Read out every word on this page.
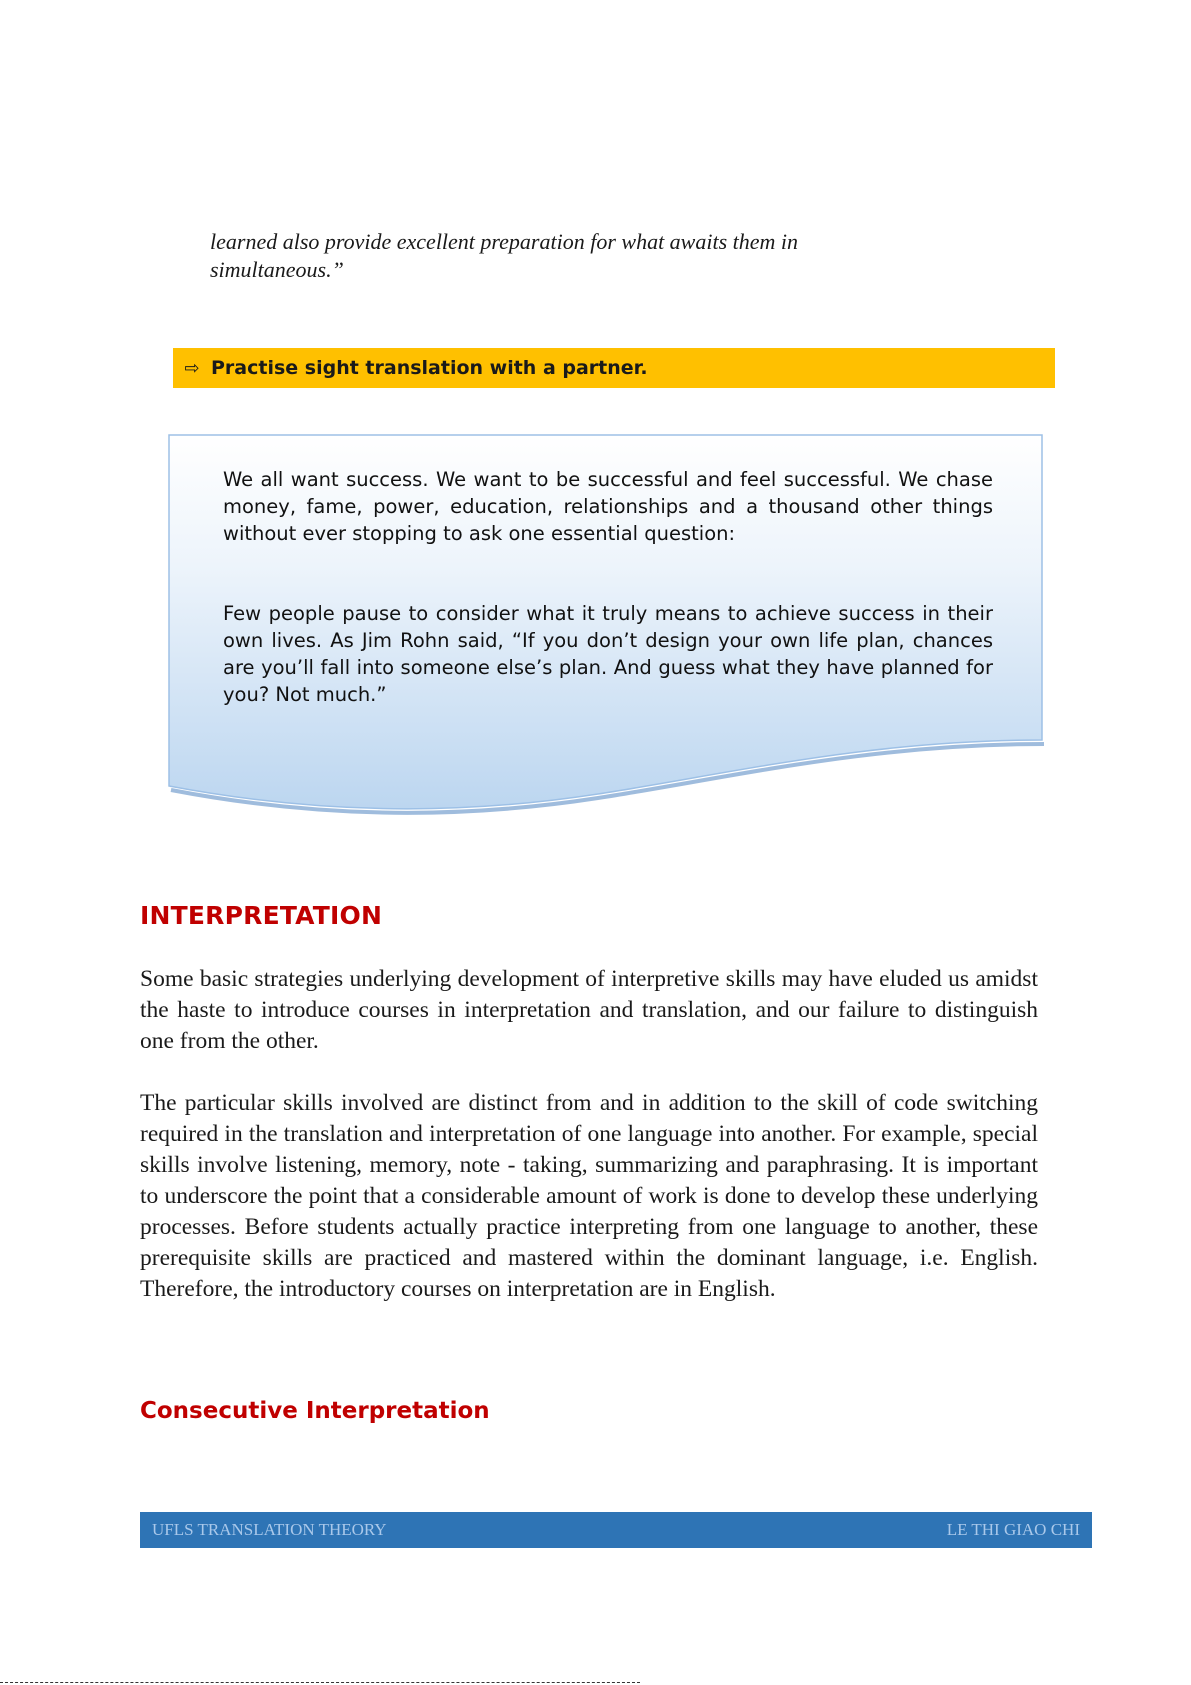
learned also provide excellent preparation for what awaits them in

simultaneous.”

⇨ Practise sight translation with a partner.

We all want success. We want to be successful and feel successful. We chase money, fame, power, education, relationships and a thousand other things without ever stopping to ask one essential question:

Few people pause to consider what it truly means to achieve success in their own lives. As Jim Rohn said, “If you don’t design your own life plan, chances are you’ll fall into someone else’s plan. And guess what they have planned for you? Not much.”

INTERPRETATION

Some basic strategies underlying development of interpretive skills may have eluded us amidst the haste to introduce courses in interpretation and translation, and our failure to distinguish one from the other.

The particular skills involved are distinct from and in addition to the skill of code switching required in the translation and interpretation of one language into another. For example, special skills involve listening, memory, note - taking, summarizing and paraphrasing. It is important to underscore the point that a considerable amount of work is done to develop these underlying processes. Before students actually practice interpreting from one language to another, these prerequisite skills are practiced and mastered within the dominant language, i.e. English. Therefore, the introductory courses on interpretation are in English.

Consecutive Interpretation
UFLS TRANSLATION THEORY	LE THI GIAO CHI
